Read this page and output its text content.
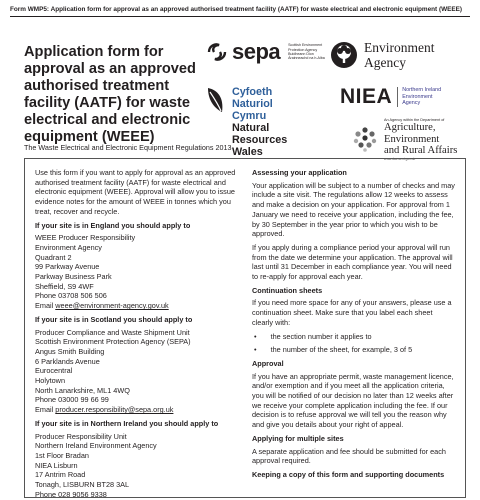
Form WMP5: Application form for approval as an approved authorised treatment facility (AATF) for waste electrical and electronic equipment (WEEE)
Application form for approval as an approved authorised treatment facility (AATF) for waste electrical and electronic equipment (WEEE)
The Waste Electrical and Electronic Equipment Regulations 2013
sepa Scottish Environment
Protection Agency
Buidheann Dion
Àrainneachd na h-Alba
Environment
Agency
Cyfoeth
Naturiol
Cymru
Natural
Resources
Wales
NIEA Northern Ireland
Environment
Agency
An Agency within the Department of
Agriculture, Environment
and Rural Affairs
www.daera-ni.gov.uk

Use this form if you want to apply for approval as an approved authorised treatment facility (AATF) for waste electrical and electronic equipment (WEEE). Approval will allow you to issue evidence notes for the amount of WEEE in tonnes which you treat, recover and recycle.

If your site is in England you should apply to

WEEE Producer Responsibility
Environment Agency
Quadrant 2
99 Parkway Avenue
Parkway Business Park
Sheffield, S9 4WF
Phone 03708 506 506
Email weee@environment-agency.gov.uk

If your site is in Scotland you should apply to

Producer Compliance and Waste Shipment Unit
Scottish Environment Protection Agency (SEPA)
Angus Smith Building
6 Parklands Avenue
Eurocentral
Holytown
North Lanarkshire, ML1 4WQ
Phone 03000 99 66 99
Email producer.responsibility@sepa.org.uk

If your site is in Northern Ireland you should apply to

Producer Responsibility Unit
Northern Ireland Environment Agency
1st Floor Bradan
NIEA Lisburn
17 Antrim Road
Tonagh, LISBURN BT28 3AL
Phone 028 9056 9338

Assessing your application

Your application will be subject to a number of checks and may include a site visit. The regulations allow 12 weeks to assess and make a decision on your application. For approval from 1 January we need to receive your application, including the fee, by 30 September in the year prior to which you wish to be approved.

If you apply during a compliance period your approval will run from the date we determine your application. The approval will last until 31 December in each compliance year. You will need to re-apply for approval each year.

Continuation sheets

If you need more space for any of your answers, please use a continuation sheet. Make sure that you label each sheet clearly with:

• the section number it applies to
• the number of the sheet, for example, 3 of 5
Approval

If you have an appropriate permit, waste management licence, and/or exemption and if you meet all the application criteria, you will be notified of our decision no later than 12 weeks after we receive your complete application including the fee. If our decision is to refuse approval we will tell you the reason why and give you details about your right of appeal.

Applying for multiple sites

A separate application and fee should be submitted for each approval required.

Keeping a copy of this form and supporting documents
